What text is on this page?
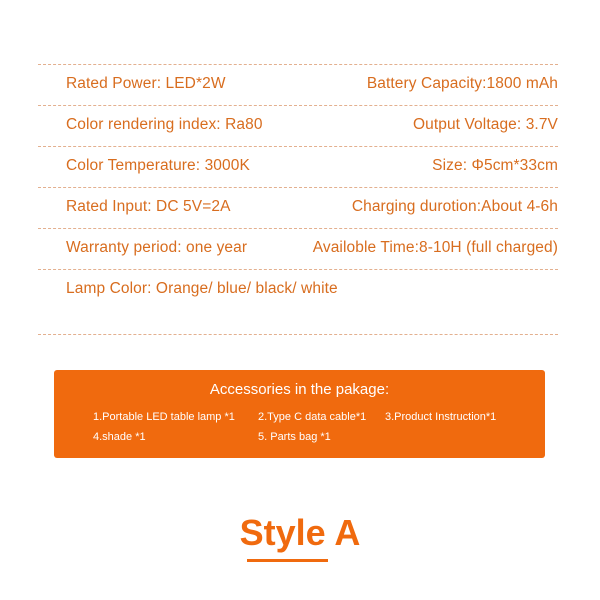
Rated Power: LED*2W	Battery Capacity:1800 mAh
Color rendering index: Ra80	Output Voltage: 3.7V
Color Temperature: 3000K	Size: Φ5cm*33cm
Rated Input: DC 5V=2A	Charging durotion:About 4-6h
Warranty period: one year	Availoble Time:8-10H (full charged)
Lamp Color: Orange/ blue/ black/ white
Accessories in the pakage:
1.Portable LED table lamp *1 2.Type C data cable*1 3.Product Instruction*1
4.shade *1	5. Parts bag *1
Style A
